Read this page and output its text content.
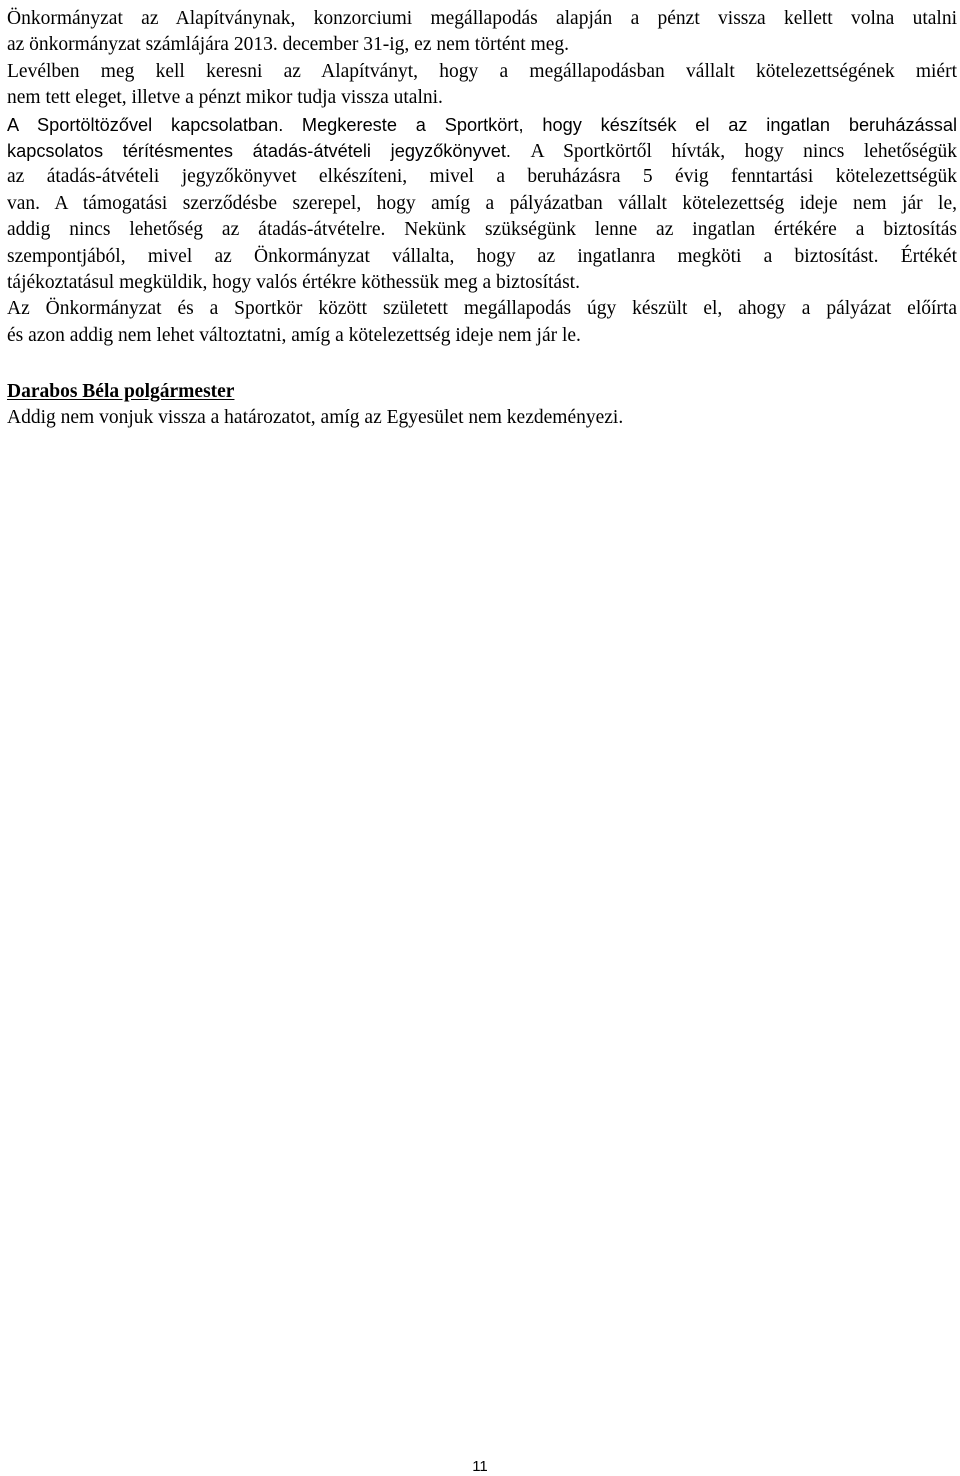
Önkormányzat az Alapítványnak, konzorciumi megállapodás alapján a pénzt vissza kellett volna utalni
az önkormányzat számlájára 2013. december 31-ig, ez nem történt meg.
Levélben meg kell keresni az Alapítványt, hogy a megállapodásban vállalt kötelezettségének miért
nem tett eleget, illetve a pénzt mikor tudja vissza utalni.
A Sportöltözővel kapcsolatban. Megkereste a Sportkört, hogy készítsék el az ingatlan beruházással
kapcsolatos térítésmentes átadás-átvételi jegyzőkönyvet. A Sportkörtől hívták, hogy nincs lehetőségük
az átadás-átvételi jegyzőkönyvet elkészíteni, mivel a beruházásra 5 évig fenntartási kötelezettségük
van. A támogatási szerződésbe szerepel, hogy amíg a pályázatban vállalt kötelezettség ideje nem jár le,
addig nincs lehetőség az átadás-átvételre. Nekünk szükségünk lenne az ingatlan értékére a biztosítás
szempontjából, mivel az Önkormányzat vállalta, hogy az ingatlanra megköti a biztosítást. Értékét
tájékoztatásul megküldik, hogy valós értékre köthessük meg a biztosítást.
Az Önkormányzat és a Sportkör között született megállapodás úgy készült el, ahogy a pályázat előírta
és azon addig nem lehet változtatni, amíg a kötelezettség ideje nem jár le.
Darabos Béla polgármester
Addig nem vonjuk vissza a határozatot, amíg az Egyesület nem kezdeményezi.
11
